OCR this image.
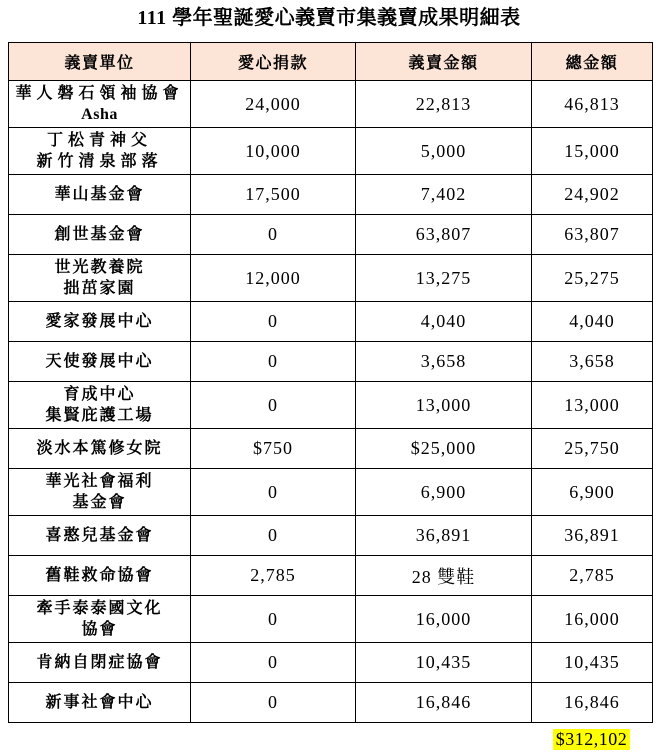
111 學年聖誕愛心義賣市集義賣成果明細表
義賣單位	愛心捐款	義賣金額	總金額

華人磐石領袖協會
Asha	24,000	22,813	46,813

丁松青神父
新竹清泉部落	10,000	5,000	15,000

華山基金會	17,500	7,402	24,902

創世基金會	0	63,807	63,807

世光教養院
拙茁家園	12,000	13,275	25,275

愛家發展中心	0	4,040	4,040

天使發展中心	0	3,658	3,658

育成中心
集賢庇護工場	0	13,000	13,000

淡水本篤修女院	$750	$25,000	25,750

華光社會福利
基金會	0	6,900	6,900

喜憨兒基金會	0	36,891	36,891

舊鞋救命協會	2,785	28 雙鞋	2,785

牽手泰泰國文化
協會	0	16,000	16,000

肯納自閉症協會	0	10,435	10,435

新事社會中心	0	16,846	16,846
$312,102
